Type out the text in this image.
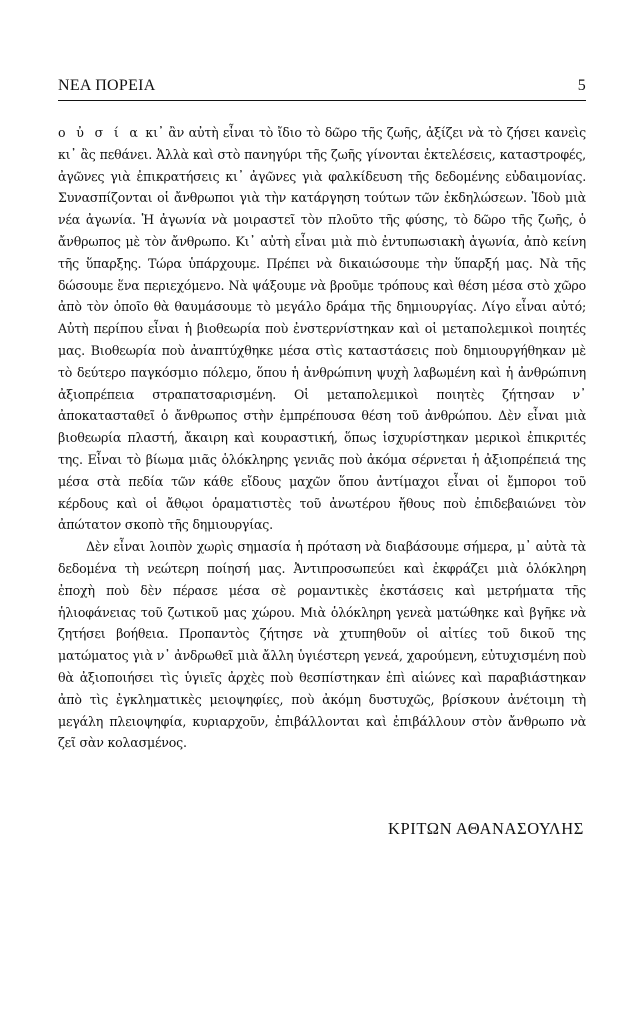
ΝΕΑ ΠΟΡΕΙΑ	5

ο ὐ σ ί α κι᾽ ἂν αὐτὴ εἶναι τὸ ἴδιο τὸ δῶρο τῆς ζωῆς, ἀξίζει νὰ τὸ ζήσει κανεὶς κι᾽ ἂς πεθάνει. Ἀλλὰ καὶ στὸ πανηγύρι τῆς ζωῆς γίνονται ἐκτελέσεις, καταστροφές, ἀγῶνες γιὰ ἐπικρατήσεις κι᾽ ἀγῶνες γιὰ φαλκίδευση τῆς δεδομένης εὐδαιμονίας. Συνασπίζονται οἱ ἄνθρωποι γιὰ τὴν κατάργηση τούτων τῶν ἐκδηλώσεων. Ἰδοὺ μιὰ νέα ἀγωνία. Ἡ ἀγωνία νὰ μοιραστεῖ τὸν πλοῦτο τῆς φύσης, τὸ δῶρο τῆς ζωῆς, ὁ ἄνθρωπος μὲ τὸν ἄνθρωπο. Κι᾽ αὐτὴ εἶναι μιὰ πιὸ ἐντυπωσιακὴ ἀγωνία, ἀπὸ κείνη τῆς ὕπαρξης. Τώρα ὑπάρχουμε. Πρέπει νὰ δικαιώσουμε τὴν ὕπαρξή μας. Νὰ τῆς δώσουμε ἕνα περιεχόμενο. Νὰ ψάξουμε νὰ βροῦμε τρόπους καὶ θέση μέσα στὸ χῶρο ἀπὸ τὸν ὁποῖο θὰ θαυμάσουμε τὸ μεγάλο δράμα τῆς δημιουργίας. Λίγο εἶναι αὐτό; Αὐτὴ περίπου εἶναι ἡ βιοθεωρία ποὺ ἐνστερνίστηκαν καὶ οἱ μεταπολεμικοὶ ποιητές μας. Βιοθεωρία ποὺ ἀναπτύχθηκε μέσα στὶς καταστάσεις ποὺ δημιουργήθηκαν μὲ τὸ δεύτερο παγκόσμιο πόλεμο, ὅπου ἡ ἀνθρώπινη ψυχὴ λαβωμένη καὶ ἡ ἀνθρώπινη ἀξιοπρέπεια στραπατσαρισμένη. Οἱ μεταπολεμικοὶ ποιητὲς ζήτησαν ν᾽ ἀποκατασταθεῖ ὁ ἄνθρωπος στὴν ἐμπρέπουσα θέση τοῦ ἀνθρώπου. Δὲν εἶναι μιὰ βιοθεωρία πλαστή, ἄκαιρη καὶ κουραστική, ὅπως ἰσχυρίστηκαν μερικοὶ ἐπικριτές της. Εἶναι τὸ βίωμα μιᾶς ὁλόκληρης γενιᾶς ποὺ ἀκόμα σέρνεται ἡ ἀξιοπρέπειά της μέσα στὰ πεδία τῶν κάθε εἴδους μαχῶν ὅπου ἀντίμαχοι εἶναι οἱ ἔμποροι τοῦ κέρδους καὶ οἱ ἄθῳοι ὁραματιστὲς τοῦ ἀνωτέρου ἤθους ποὺ ἐπιδεβαιώνει τὸν ἀπώτατον σκοπὸ τῆς δημιουργίας.

Δὲν εἶναι λοιπὸν χωρὶς σημασία ἡ πρόταση νὰ διαβάσουμε σήμερα, μ᾽ αὐτὰ τὰ δεδομένα τὴ νεώτερη ποίησή μας. Ἀντιπροσωπεύει καὶ ἐκφράζει μιὰ ὁλόκληρη ἐποχὴ ποὺ δὲν πέρασε μέσα σὲ ρομαντικὲς ἐκστάσεις καὶ μετρήματα τῆς ἡλιοφάνειας τοῦ ζωτικοῦ μας χώρου. Μιὰ ὁλόκληρη γενεὰ ματώθηκε καὶ βγῆκε νὰ ζητήσει βοήθεια. Προπαντὸς ζήτησε νὰ χτυπηθοῦν οἱ αἰτίες τοῦ δικοῦ της ματώματος γιὰ ν᾽ ἀνδρωθεῖ μιὰ ἄλλη ὑγιέστερη γενεά, χαρούμενη, εὐτυχισμένη ποὺ θὰ ἀξιοποιήσει τὶς ὑγιεῖς ἀρχὲς ποὺ θεσπίστηκαν ἐπὶ αἰώνες καὶ παραβιάστηκαν ἀπὸ τὶς ἐγκληματικὲς μειοψηφίες, ποὺ ἀκόμη δυστυχῶς, βρίσκουν ἀνέτοιμη τὴ μεγάλη πλειοψηφία, κυριαρχοῦν, ἐπιβάλλονται καὶ ἐπιβάλλουν στὸν ἄνθρωπο νὰ ζεῖ σὰν κολασμένος.

ΚΡΙΤΩΝ ΑΘΑΝΑΣΟΥΛΗΣ
